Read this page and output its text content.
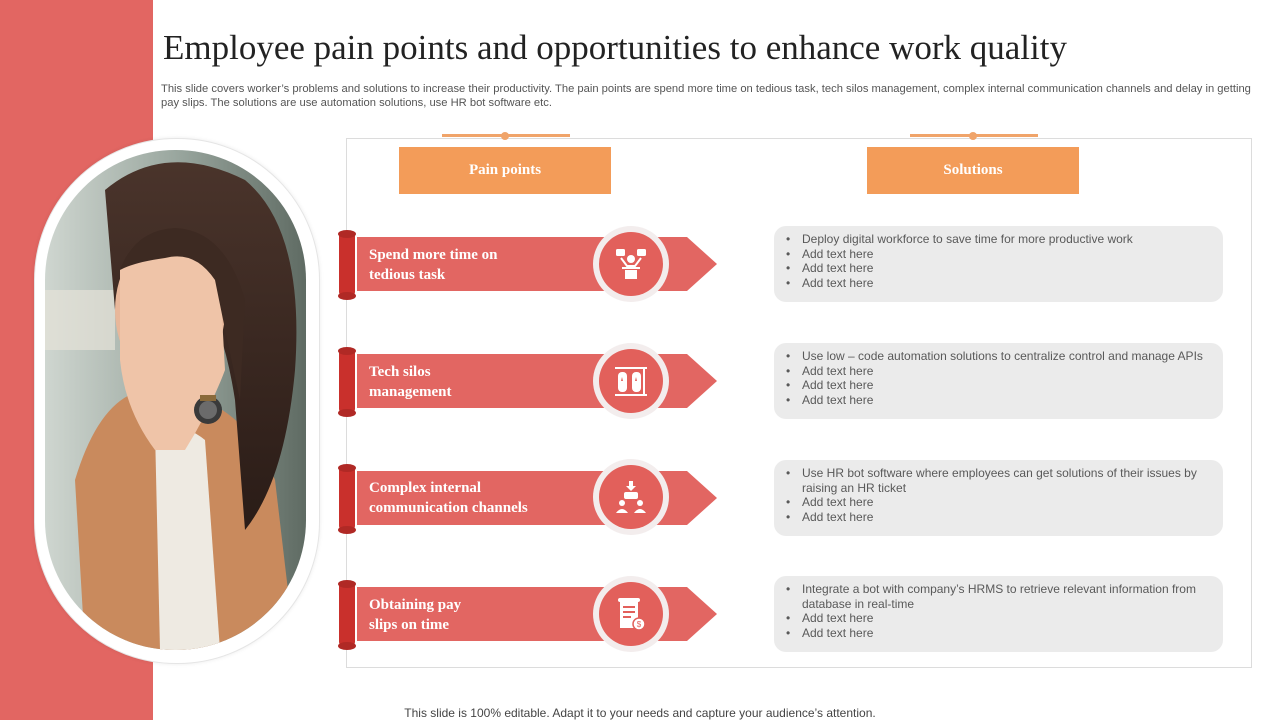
Employee pain points and opportunities to enhance work quality
This slide covers worker’s problems and solutions to increase their productivity. The pain points are spend more time on tedious task, tech silos management, complex internal communication channels and delay in getting pay slips. The solutions are use automation solutions, use HR bot software etc.
Pain points	Solutions
Spend more time on
tedious task
• Deploy digital workforce to save time for more productive work
• Add text here
• Add text here
• Add text here
Tech silos
management
• Use low – code automation solutions to centralize control and manage APIs
• Add text here
• Add text here
• Add text here
Complex internal
communication channels
• Use HR bot software where employees can get solutions of their issues by raising an HR ticket
• Add text here
• Add text here
Obtaining pay
slips on time	$
• Integrate a bot with company’s HRMS to retrieve relevant information from database in real-time
• Add text here
• Add text here
This slide is 100% editable. Adapt it to your needs and capture your audience’s attention.
